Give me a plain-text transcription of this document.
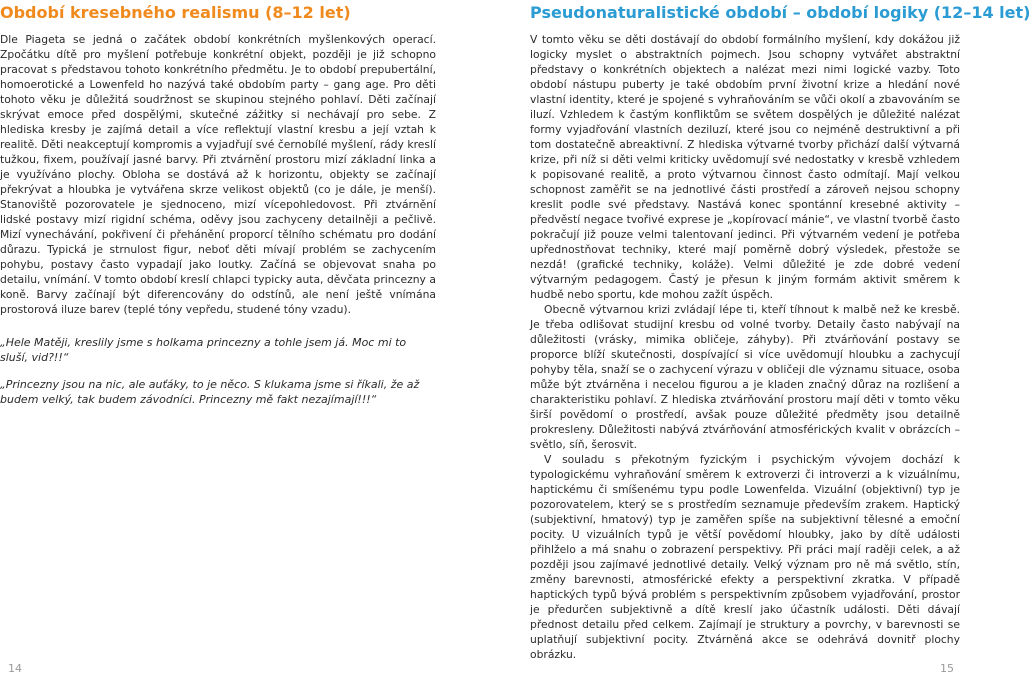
Období kresebného realismu (8–12 let)

Dle Piageta se jedná o začátek období konkrétních myšlenkových operací. Zpočátku dítě pro myšlení potřebuje konkrétní objekt, později je již schopno pracovat s představou tohoto konkrétního předmětu. Je to období prepubertální, homoerotické a Lowenfeld ho nazývá také obdobím party – gang age. Pro děti tohoto věku je důležitá soudržnost se skupinou stejného pohlaví. Děti začínají skrývat emoce před dospělými, skutečné zážitky si nechávají pro sebe. Z hlediska kresby je zajímá detail a více reflektují vlastní kresbu a její vztah k realitě. Děti neakceptují kompromis a vyjadřují své černobílé myšlení, rády kreslí tužkou, fixem, používají jasné barvy. Při ztvárnění prostoru mizí základní linka a je využíváno plochy. Obloha se dostává až k horizontu, objekty se začínají překrývat a hloubka je vytvářena skrze velikost objektů (co je dále, je menší). Stanoviště pozorovatele je sjednoceno, mizí vícepohledovost. Při ztvárnění lidské postavy mizí rigidní schéma, oděvy jsou zachyceny detailněji a pečlivě. Mizí vynechávání, pokřivení či přeháněnί proporcí tělního schématu pro dodání důrazu. Typická je strnulost figur, neboť děti mívají problém se zachycením pohybu, postavy často vypadají jako loutky. Začíná se objevovat snaha po detailu, vnímání. V tomto období kreslí chlapci typicky auta, děvčata princezny a koně. Barvy začínají být diferencovány do odstínů, ale není ještě vnímána prostorová iluze barev (teplé tóny vepředu, studené tóny vzadu).

„Hele Matěji, kreslily jsme s holkama princezny a tohle jsem já. Moc mi to sluší, vid?!!“

„Princezny jsou na nic, ale auťáky, to je něco. S klukama jsme si říkali, že až budem velký, tak budem závodníci. Princezny mě fakt nezajímají!!!“

Pseudonaturalistické období – období logiky (12–14 let)

V tomto věku se děti dostávají do období formálního myšlení, kdy dokážou již logicky myslet o abstraktních pojmech. Jsou schopny vytvářet abstraktní představy o konkrétních objektech a nalézat mezi nimi logické vazby. Toto období nástupu puberty je také obdobím první životní krize a hledání nové vlastní identity, které je spojené s vyhraňováním se vůči okolí a zbavováním se iluzí. Vzhledem k častým konfliktům se světem dospělých je důležité nalézat formy vyjadřování vlastních deziluzí, které jsou co nejméně destruktivní a při tom dostatečně abreaktivní. Z hlediska výtvarné tvorby přichází další výtvarná krize, při níž si děti velmi kriticky uvědomují své nedostatky v kresbě vzhledem k popisované realitě, a proto výtvarnou činnost často odmítají. Mají velkou schopnost zaměřit se na jednotlivé části prostředí a zároveň nejsou schopny kreslit podle své představy. Nastává konec spontánní kresebné aktivity – předvěstí negace tvořivé exprese je „kopírovací mánie“, ve vlastní tvorbě často pokračují již pouze velmi talentovaní jedinci. Při výtvarném vedení je potřeba upřednostňovat techniky, které mají poměrně dobrý výsledek, přestože se nezdá! (grafické techniky, koláže). Velmi důležité je zde dobré vedení výtvarným pedagogem. Častý je přesun k jiným formám aktivit směrem k hudbě nebo sportu, kde mohou zažít úspěch.

Obecně výtvarnou krizi zvládají lépe ti, kteří tíhnout k malbě než ke kresbě. Je třeba odlišovat studijní kresbu od volné tvorby. Detaily často nabývají na důležitosti (vrásky, mimika obličeje, záhyby). Při ztvárňování postavy se proporce blíží skutečnosti, dospívající si více uvědomují hloubku a zachycují pohyby těla, snaží se o zachycení výrazu v obličeji dle významu situace, osoba může být ztvárněna i necelou figurou a je kladen značný důraz na rozlišení a charakteristiku pohlaví. Z hlediska ztvárňování prostoru mají děti v tomto věku širší povědomí o prostředí, avšak pouze důležité předměty jsou detailně prokresleny. Důležitosti nabývá ztvárňování atmosférických kvalit v obrázcích – světlo, síň, šerosvit.

V souladu s překotným fyzickým i psychickým vývojem dochází k typologickému vyhraňování směrem k extroverzi či introverzi a k vizuálnímu, haptickému či smíšenému typu podle Lowenfelda. Vizuální (objektivní) typ je pozorovatelem, který se s prostředím seznamuje především zrakem. Haptický (subjektivní, hmatový) typ je zaměřen spíše na subjektivní tělesné a emoční pocity. U vizuálních typů je větší povědomí hloubky, jako by dítě události přihlželo a má snahu o zobrazení perspektivy. Při práci mají raději celek, a až později jsou zajímavé jednotlivé detaily. Velký význam pro ně má světlo, stín, změny barevnosti, atmosférické efekty a perspektivní zkratka. V případě haptických typů bývá problém s perspektivním způsobem vyjadřování, prostor je předurčen subjektivně a dítě kreslí jako účastník události. Děti dávají přednost detailu před celkem. Zajímají je struktury a povrchy, v barevnosti se uplatňují subjektivní pocity. Ztvárněná akce se odehrává dovnitř plochy obrázku.

14	15
